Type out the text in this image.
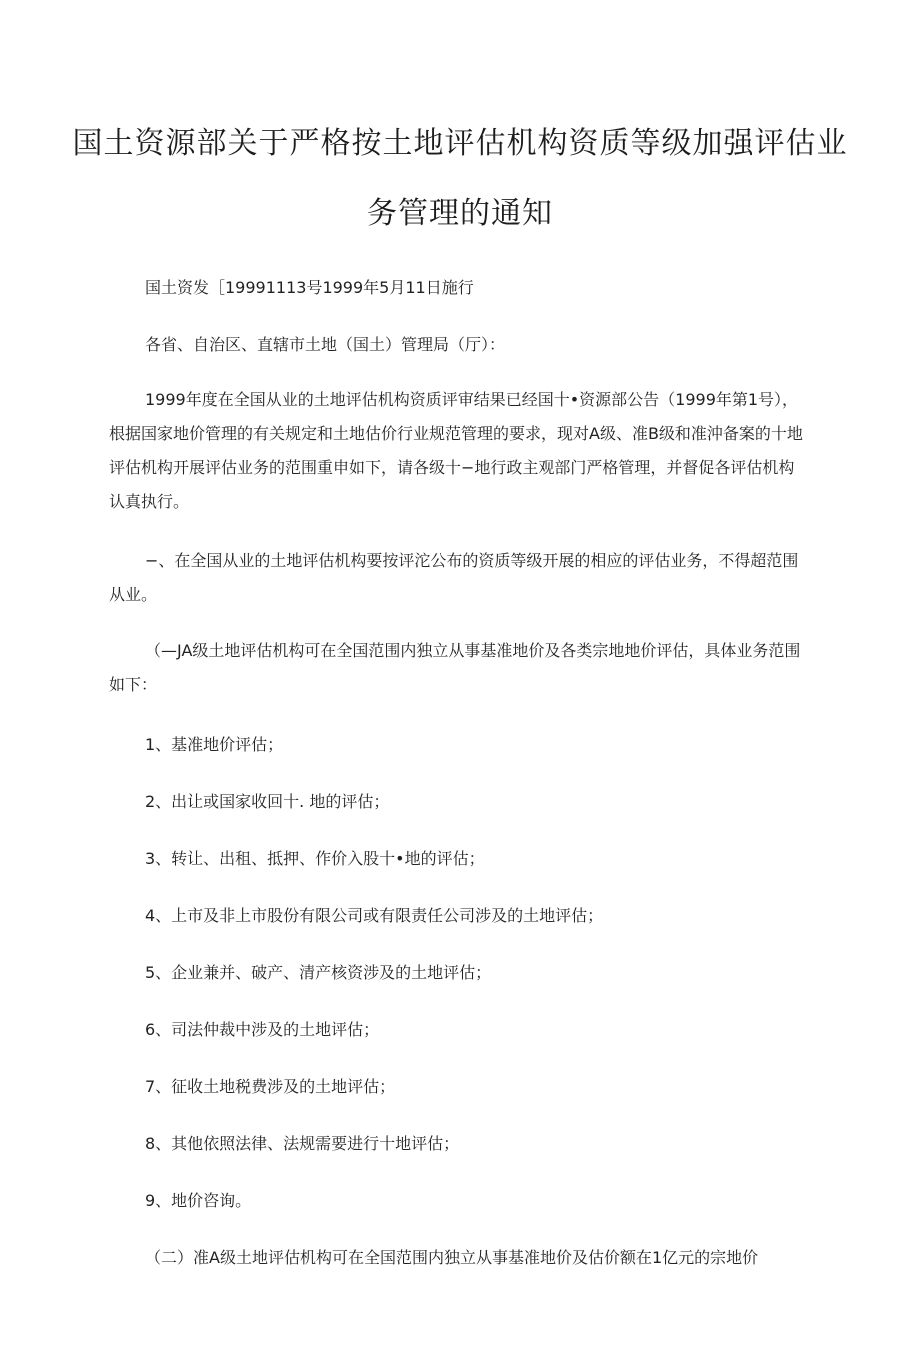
国土资源部关于严格按土地评估机构资质等级加强评估业
务管理的通知
国土资发［19991113号1999年5月11日施行
各省、自治区、直辖市土地（国土）管理局（厅）：
1999年度在全国从业的土地评估机构资质评审结果已经国十•资源部公告（1999年第1号），根据国家地价管理的有关规定和土地估价行业规范管理的要求，现对A级、准B级和准沖备案的十地评估机构开展评估业务的范围重申如下，请各级十−地行政主观部门严格管理，并督促各评估机构认真执行。
−、在全国从业的土地评估机构要按评沱公布的资质等级开展的相应的评估业务，不得超范围从业。
（—JA级土地评估机构可在全国范围内独立从事基准地价及各类宗地地价评估，具体业务范围如下：
1、基准地价评估；
2、出让或国家收回十. 地的评估；
3、转让、出租、抵押、作价入股十•地的评估；
4、上市及非上市股份有限公司或有限责任公司涉及的土地评估；
5、企业兼并、破产、清产核资涉及的土地评估；
6、司法仲裁中涉及的土地评估；
7、征收土地税费涉及的土地评估；
8、其他依照法律、法规需要进行十地评估；
9、地价咨询。
（二）准A级土地评估机构可在全国范围内独立从事基准地价及估价额在1亿元的宗地价
